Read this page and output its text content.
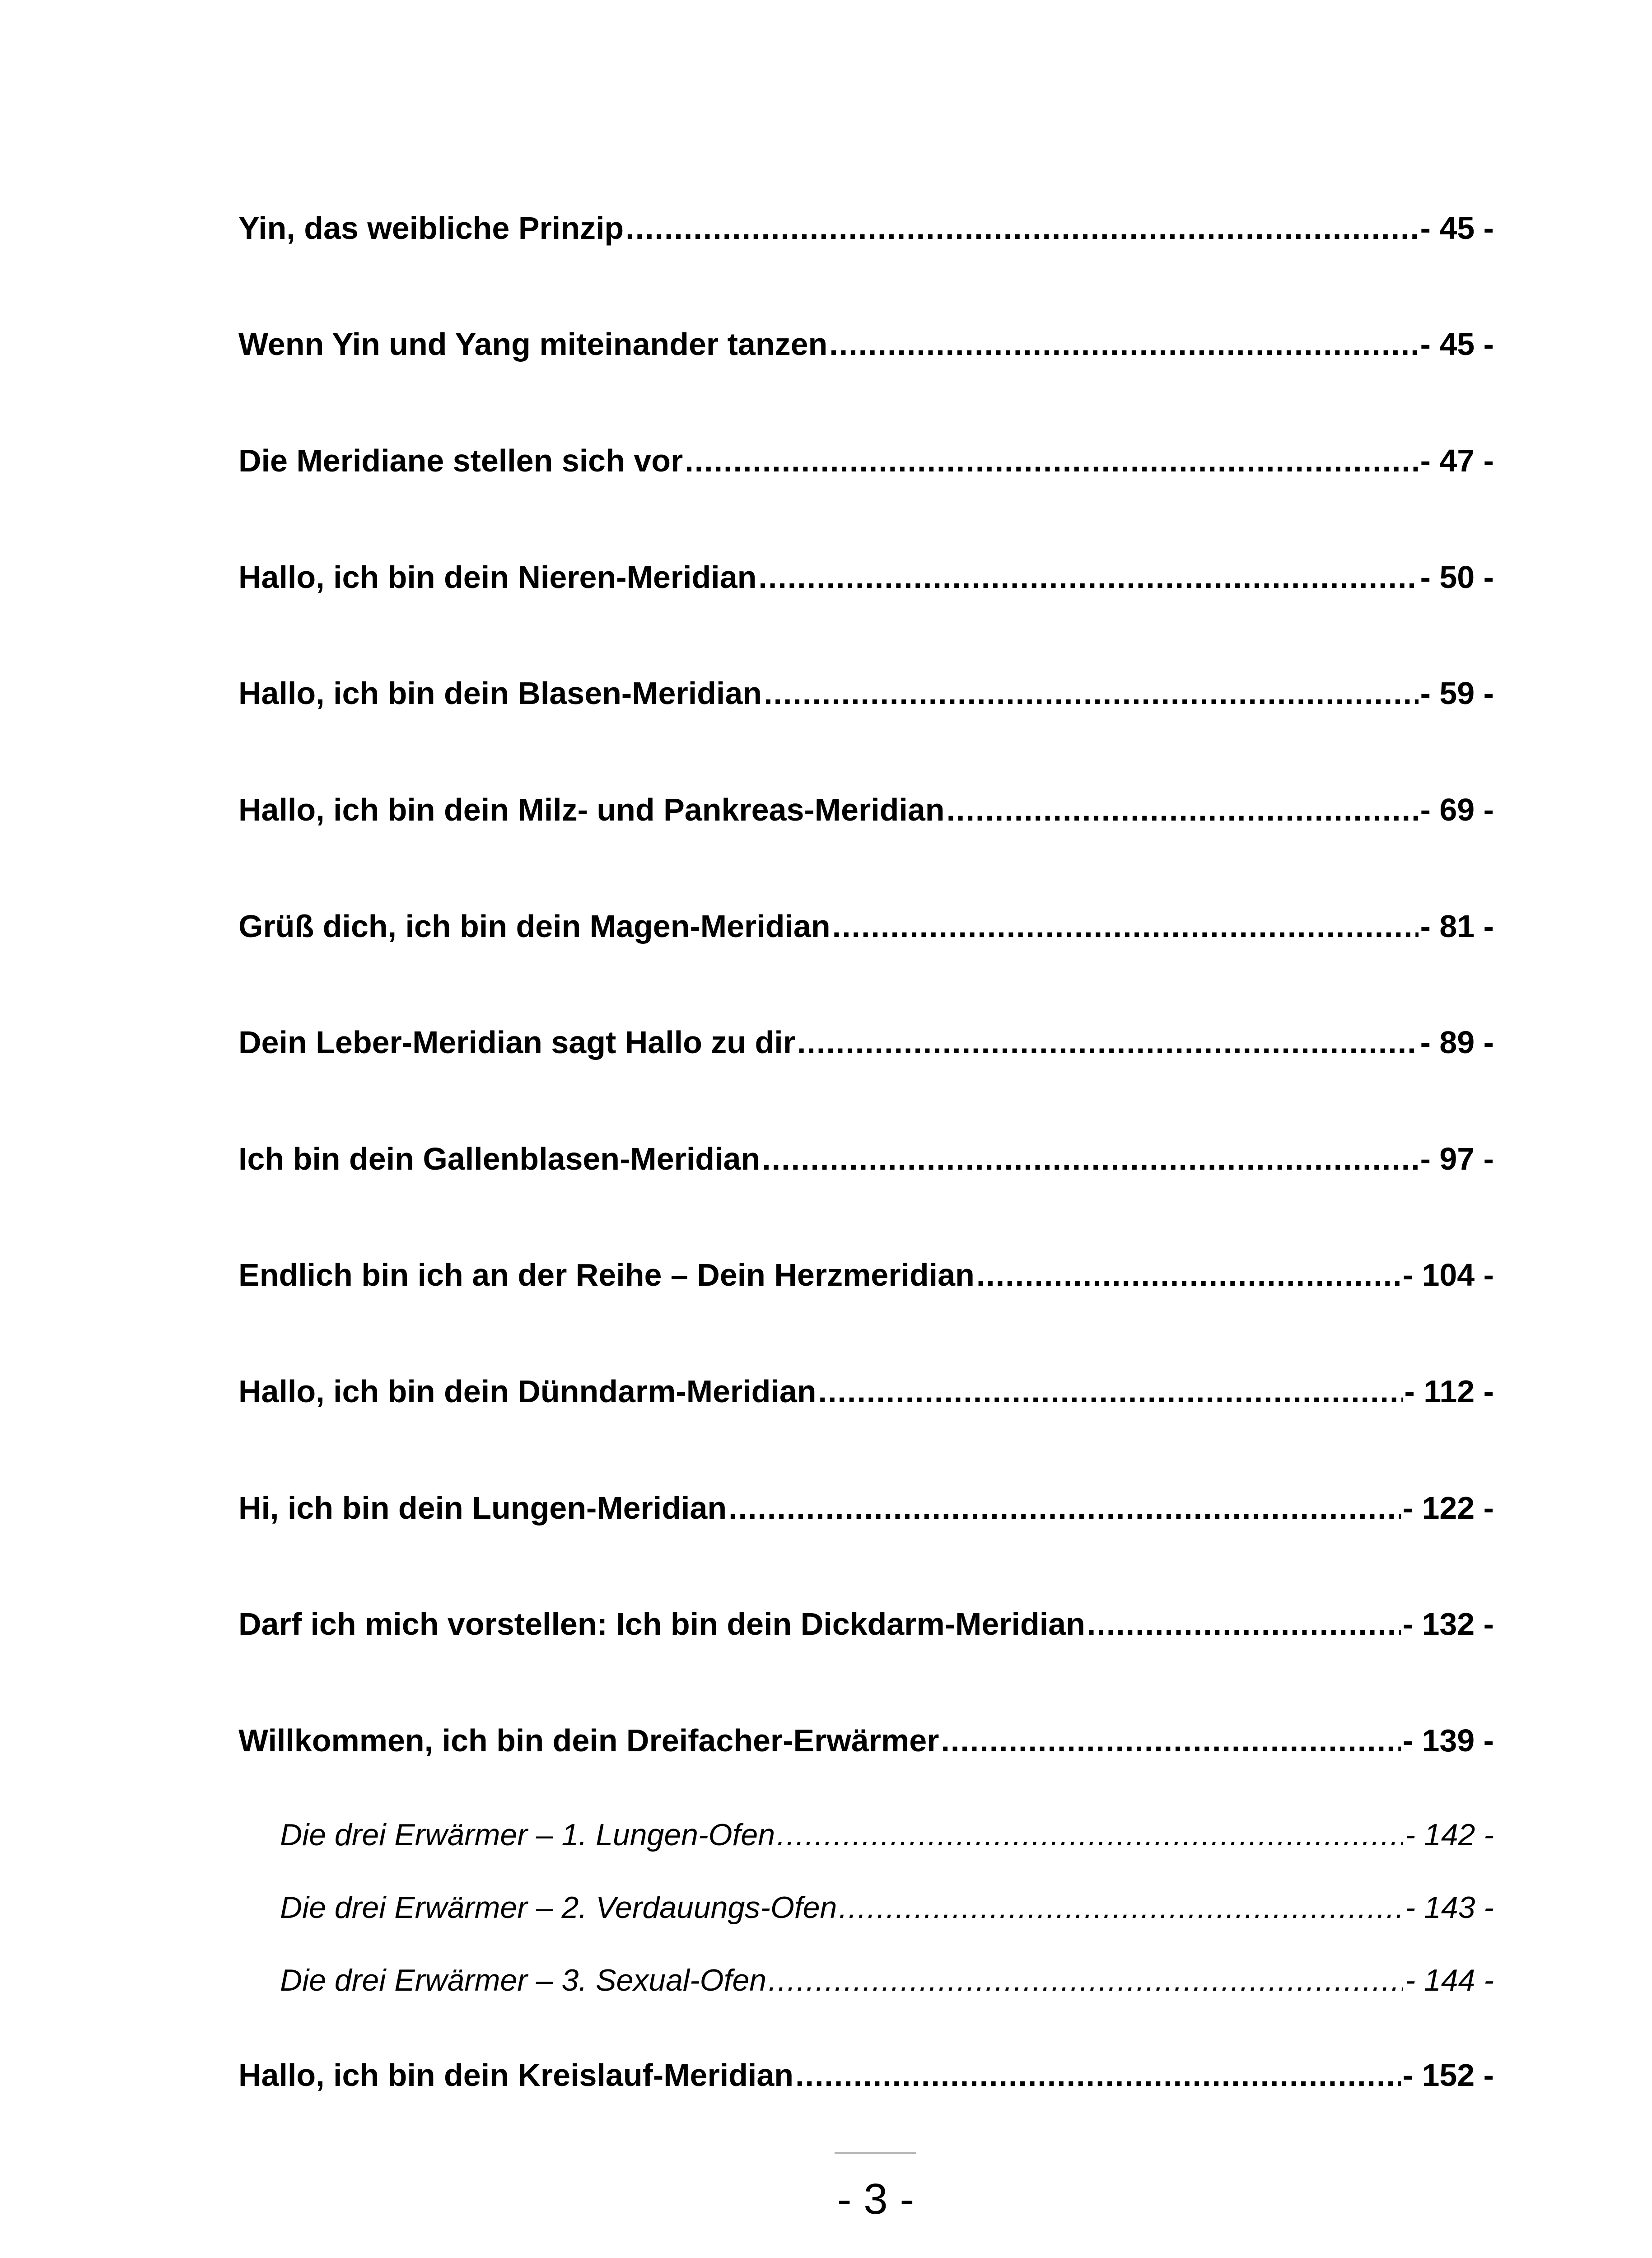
Yin, das weibliche Prinzip .....	- 45 -
Wenn Yin und Yang miteinander tanzen .....	- 45 -
Die Meridiane stellen sich vor .....	- 47 -
Hallo, ich bin dein Nieren-Meridian .....	- 50 -
Hallo, ich bin dein Blasen-Meridian .....	- 59 -
Hallo, ich bin dein Milz- und Pankreas-Meridian .....	- 69 -
Grüß dich, ich bin dein Magen-Meridian .....	- 81 -
Dein Leber-Meridian sagt Hallo zu dir .....	- 89 -
Ich bin dein Gallenblasen-Meridian .....	- 97 -
Endlich bin ich an der Reihe – Dein Herzmeridian .....	- 104 -
Hallo, ich bin dein Dünndarm-Meridian .....	- 112 -
Hi, ich bin dein Lungen-Meridian .....	- 122 -
Darf ich mich vorstellen: Ich bin dein Dickdarm-Meridian .....	- 132 -
Willkommen, ich bin dein Dreifacher-Erwärmer .....	- 139 -
Die drei Erwärmer – 1. Lungen-Ofen .....	- 142 -
Die drei Erwärmer – 2. Verdauungs-Ofen .....	- 143 -
Die drei Erwärmer – 3. Sexual-Ofen .....	- 144 -
Hallo, ich bin dein Kreislauf-Meridian .....	- 152 -
- 3 -
